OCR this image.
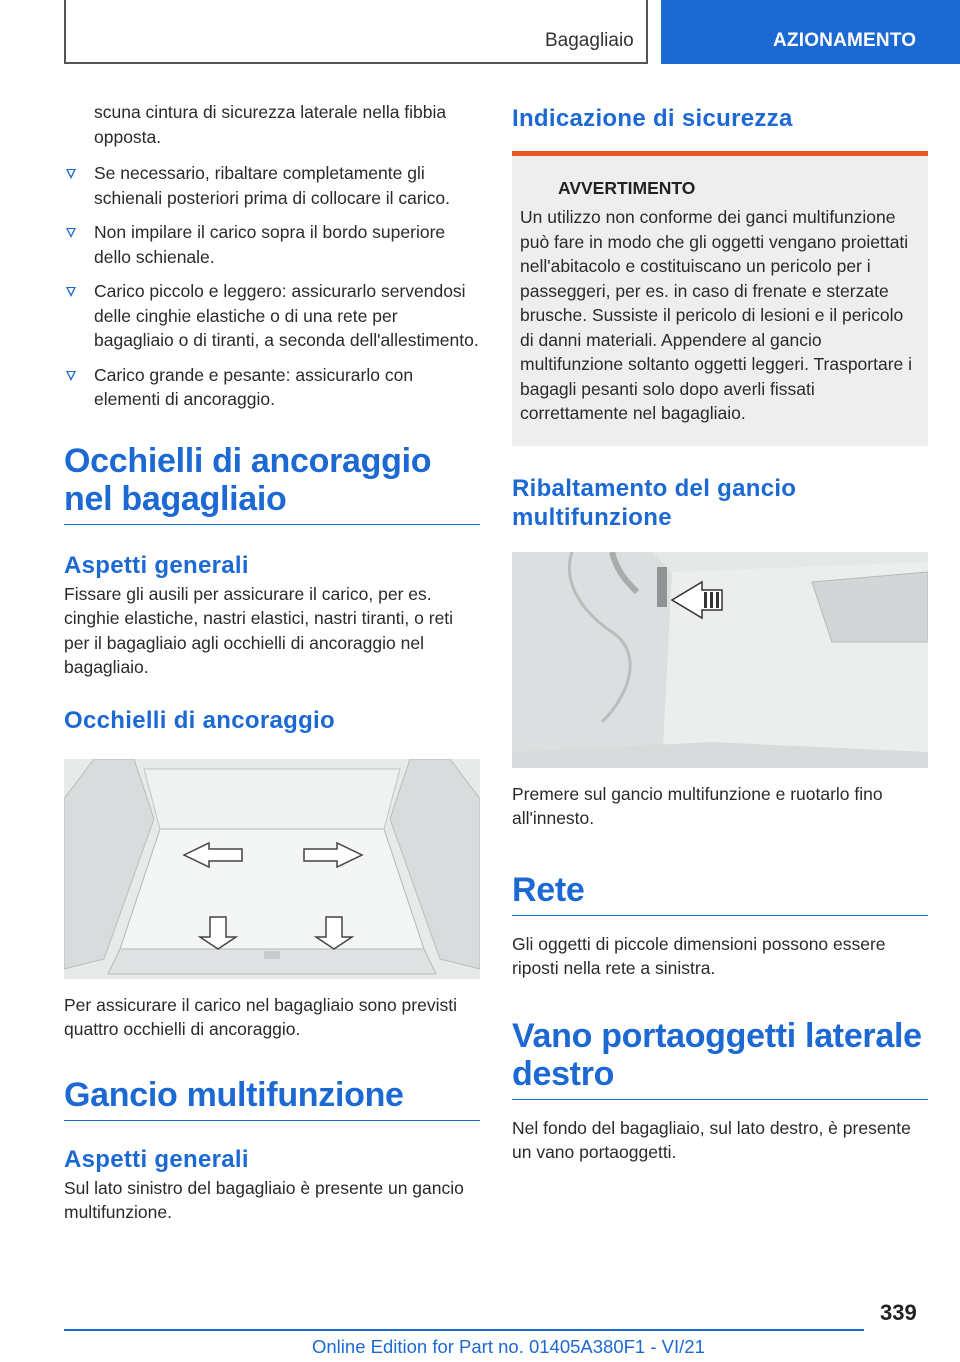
Bagagliaio	AZIONAMENTO

scuna cintura di sicurezza laterale nella fibbia opposta.

Se necessario, ribaltare completamente gli schienali posteriori prima di collocare il carico.
Non impilare il carico sopra il bordo superiore dello schienale.
Carico piccolo e leggero: assicurarlo servendosi delle cinghie elastiche o di una rete per bagagliaio o di tiranti, a seconda dell'allestimento.
Carico grande e pesante: assicurarlo con elementi di ancoraggio.
Occhielli di ancoraggio nel bagagliaio
Aspetti generali

Fissare gli ausili per assicurare il carico, per es. cinghie elastiche, nastri elastici, nastri tiranti, o reti per il bagagliaio agli occhielli di ancoraggio nel bagagliaio.

Occhielli di ancoraggio

Per assicurare il carico nel bagagliaio sono previsti quattro occhielli di ancoraggio.

Gancio multifunzione
Aspetti generali

Sul lato sinistro del bagagliaio è presente un gancio multifunzione.

Indicazione di sicurezza
AVVERTIMENTO

Un utilizzo non conforme dei ganci multifunzione può fare in modo che gli oggetti vengano proiettati nell'abitacolo e costituiscano un pericolo per i passeggeri, per es. in caso di frenate e sterzate brusche. Sussiste il pericolo di lesioni e il pericolo di danni materiali. Appendere al gancio multifunzione soltanto oggetti leggeri. Trasportare i bagagli pesanti solo dopo averli fissati correttamente nel bagagliaio.

Ribaltamento del gancio multifunzione

Premere sul gancio multifunzione e ruotarlo fino all'innesto.

Rete

Gli oggetti di piccole dimensioni possono essere riposti nella rete a sinistra.

Vano portaoggetti laterale destro

Nel fondo del bagagliaio, sul lato destro, è presente un vano portaoggetti.

339
Online Edition for Part no. 01405A380F1 - VI/21
